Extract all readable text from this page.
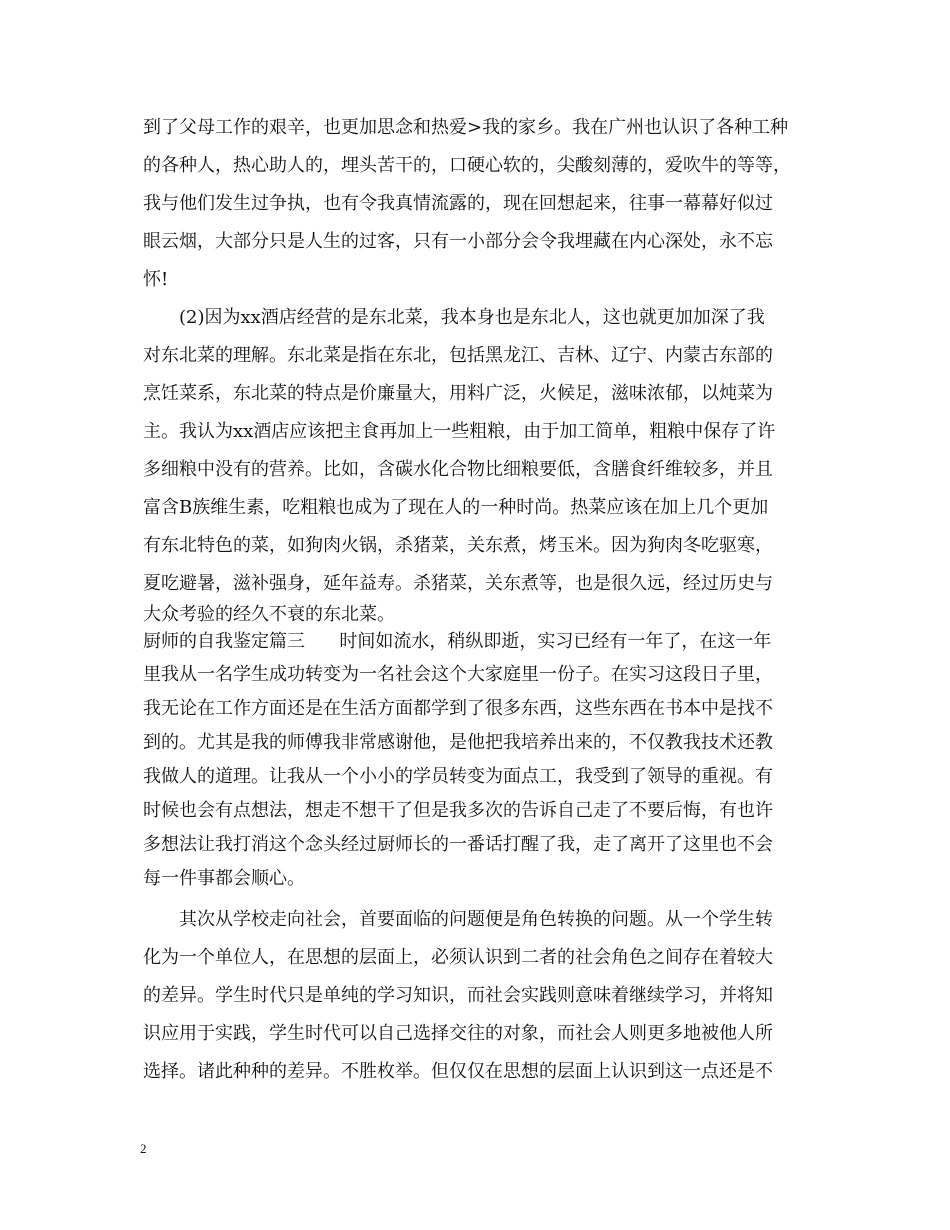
到了父母工作的艰辛，也更加思念和热爱>我的家乡。我在广州也认识了各种工种
的各种人，热心助人的，埋头苦干的，口硬心软的，尖酸刻薄的，爱吹牛的等等，
我与他们发生过争执，也有令我真情流露的，现在回想起来，往事一幕幕好似过
眼云烟，大部分只是人生的过客，只有一小部分会令我埋藏在内心深处，永不忘
怀!
(2)因为xx酒店经营的是东北菜，我本身也是东北人，这也就更加加深了我
对东北菜的理解。东北菜是指在东北，包括黑龙江、吉林、辽宁、内蒙古东部的
烹饪菜系，东北菜的特点是价廉量大，用料广泛，火候足，滋味浓郁，以炖菜为
主。我认为xx酒店应该把主食再加上一些粗粮，由于加工简单，粗粮中保存了许
多细粮中没有的营养。比如，含碳水化合物比细粮要低，含膳食纤维较多，并且
富含B族维生素，吃粗粮也成为了现在人的一种时尚。热菜应该在加上几个更加
有东北特色的菜，如狗肉火锅，杀猪菜，关东煮，烤玉米。因为狗肉冬吃驱寒，
夏吃避暑，滋补强身，延年益寿。杀猪菜，关东煮等，也是很久远，经过历史与
大众考验的经久不衰的东北菜。
厨师的自我鉴定篇三      时间如流水，稍纵即逝，实习已经有一年了，在这一年
里我从一名学生成功转变为一名社会这个大家庭里一份子。在实习这段日子里，
我无论在工作方面还是在生活方面都学到了很多东西，这些东西在书本中是找不
到的。尤其是我的师傅我非常感谢他，是他把我培养出来的，不仅教我技术还教
我做人的道理。让我从一个小小的学员转变为面点工，我受到了领导的重视。有
时候也会有点想法，想走不想干了但是我多次的告诉自己走了不要后悔，有也许
多想法让我打消这个念头经过厨师长的一番话打醒了我，走了离开了这里也不会
每一件事都会顺心。
其次从学校走向社会，首要面临的问题便是角色转换的问题。从一个学生转
化为一个单位人，在思想的层面上，必须认识到二者的社会角色之间存在着较大
的差异。学生时代只是单纯的学习知识，而社会实践则意味着继续学习，并将知
识应用于实践，学生时代可以自己选择交往的对象，而社会人则更多地被他人所
选择。诸此种种的差异。不胜枚举。但仅仅在思想的层面上认识到这一点还是不
2
